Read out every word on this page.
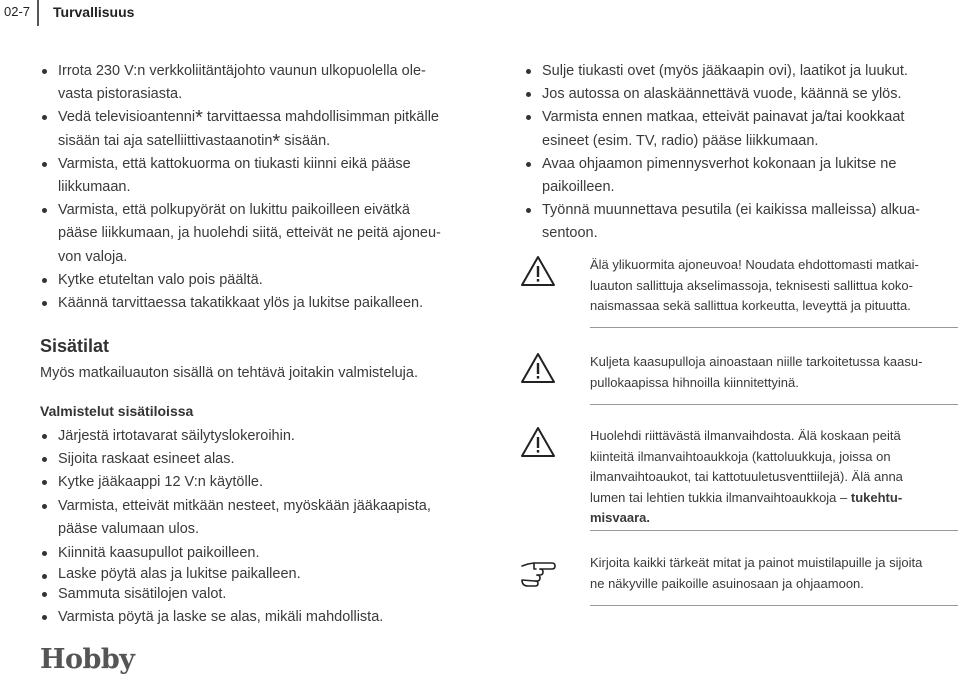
02-7 Turvallisuus
Irrota 230 V:n verkkoliitäntäjohto vaunun ulkopuolella ole-
vasta pistorasiasta.
Vedä televisioantenni* tarvittaessa mahdollisimman pitkälle
sisään tai aja satelliittivastaanotin* sisään.
Varmista, että kattokuorma on tiukasti kiinni eikä pääse
liikkumaan.
Varmista, että polkupyörät on lukittu paikoilleen eivätkä
pääse liikkumaan, ja huolehdi siitä, etteivät ne peitä ajoneu-
von valoja.
Kytke etuteltan valo pois päältä.
Käännä tarvittaessa takatikkaat ylös ja lukitse paikalleen.
Sisätilat

Myös matkailuauton sisällä on tehtävä joitakin valmisteluja.

Valmistelut sisätiloissa
Järjestä irtotavarat säilytyslokeroihin.
Sijoita raskaat esineet alas.
Kytke jääkaappi 12 V:n käytölle.
Varmista, etteivät mitkään nesteet, myöskään jääkaapista,
pääse valumaan ulos.
Kiinnitä kaasupullot paikoilleen.
Laske pöytä alas ja lukitse paikalleen.
Sammuta sisätilojen valot.
Varmista pöytä ja laske se alas, mikäli mahdollista.
Sulje tiukasti ovet (myös jääkaapin ovi), laatikot ja luukut.
Jos autossa on alaskäännettävä vuode, käännä se ylös.
Varmista ennen matkaa, etteivät painavat ja/tai kookkaat
esineet (esim. TV, radio) pääse liikkumaan.
Avaa ohjaamon pimennysverhot kokonaan ja lukitse ne
paikoilleen.
Työnnä muunnettava pesutila (ei kaikissa malleissa) alkua-
sentoon.
Älä ylikuormita ajoneuvoa! Noudata ehdottomasti matkai-
luauton sallittuja akselimassoja, teknisesti sallittua koko-
naismassaa sekä sallittua korkeutta, leveyttä ja pituutta.
Kuljeta kaasupulloja ainoastaan niille tarkoitetussa kaasu-
pullokaapissa hihnoilla kiinnitettyinä.
Huolehdi riittävästä ilmanvaihdosta. Älä koskaan peitä
kiinteitä ilmanvaihtoaukkoja (kattoluukkuja, joissa on
ilmanvaihtoaukot, tai kattotuuletusventtiilejä). Älä anna
lumen tai lehtien tukkia ilmanvaihtoaukkoja – tukehtu-
misvaara.
Kirjoita kaikki tärkeät mitat ja painot muistilapuille ja sijoita
ne näkyville paikoille asuinosaan ja ohjaamoon.
Hobby
